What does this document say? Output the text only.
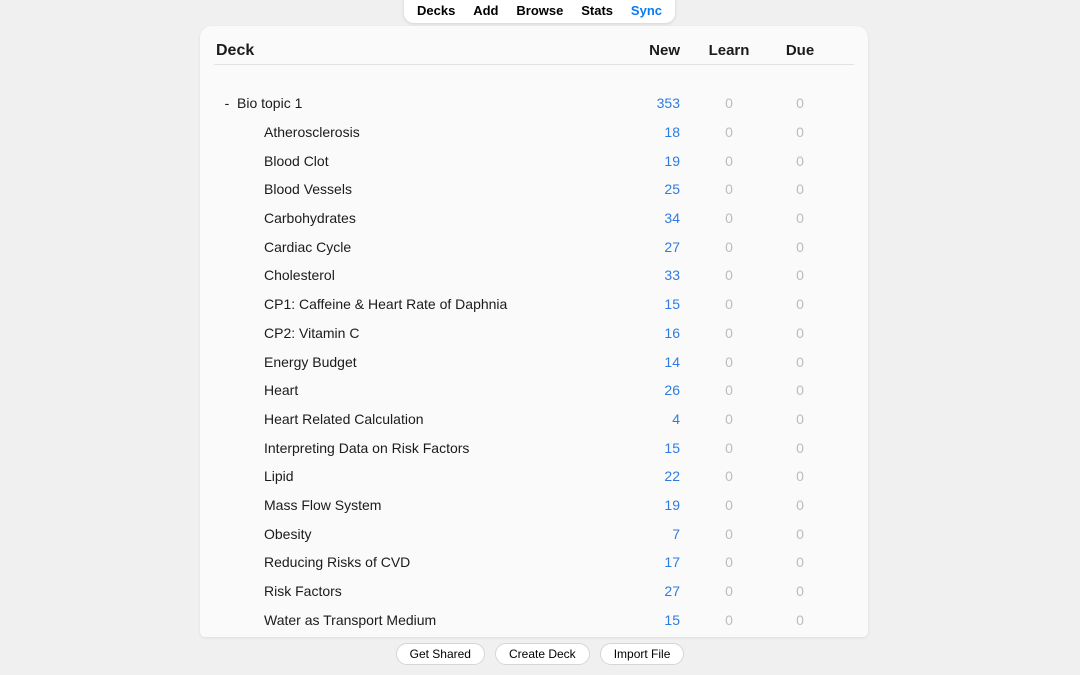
Decks Add Browse Stats Sync
Deck	New	Learn	Due
- Bio topic 1	353	0	0
Atherosclerosis	18	0	0
Blood Clot	19	0	0
Blood Vessels	25	0	0
Carbohydrates	34	0	0
Cardiac Cycle	27	0	0
Cholesterol	33	0	0
CP1: Caffeine & Heart Rate of Daphnia	15	0	0
CP2: Vitamin C	16	0	0
Energy Budget	14	0	0
Heart	26	0	0
Heart Related Calculation	4	0	0
Interpreting Data on Risk Factors	15	0	0
Lipid	22	0	0
Mass Flow System	19	0	0
Obesity	7	0	0
Reducing Risks of CVD	17	0	0
Risk Factors	27	0	0
Water as Transport Medium	15	0	0
Get Shared	Create Deck	Import File
